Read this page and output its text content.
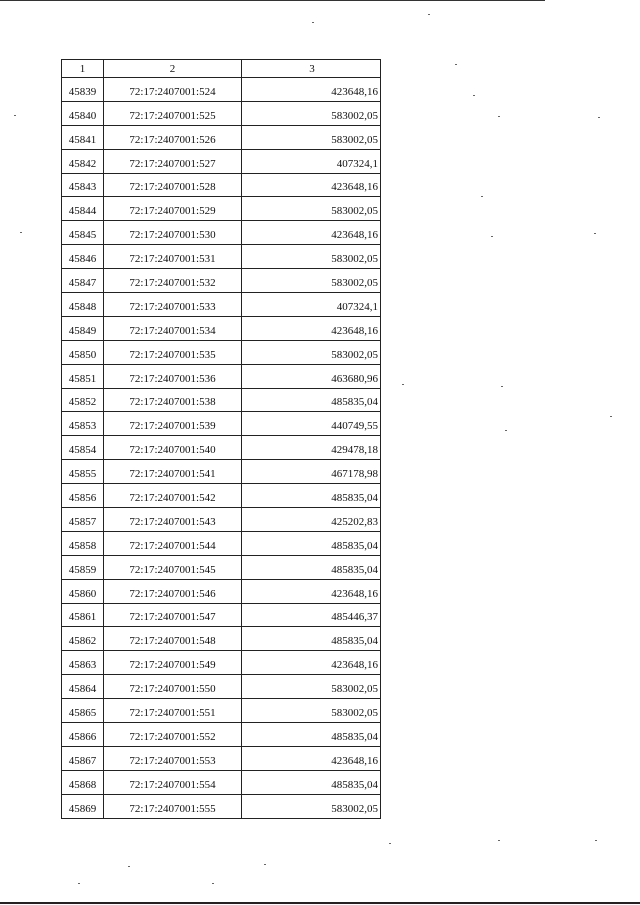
1	2	3
45839	72:17:2407001:524	423648,16
45840	72:17:2407001:525	583002,05
45841	72:17:2407001:526	583002,05
45842	72:17:2407001:527	407324,1
45843	72:17:2407001:528	423648,16
45844	72:17:2407001:529	583002,05
45845	72:17:2407001:530	423648,16
45846	72:17:2407001:531	583002,05
45847	72:17:2407001:532	583002,05
45848	72:17:2407001:533	407324,1
45849	72:17:2407001:534	423648,16
45850	72:17:2407001:535	583002,05
45851	72:17:2407001:536	463680,96
45852	72:17:2407001:538	485835,04
45853	72:17:2407001:539	440749,55
45854	72:17:2407001:540	429478,18
45855	72:17:2407001:541	467178,98
45856	72:17:2407001:542	485835,04
45857	72:17:2407001:543	425202,83
45858	72:17:2407001:544	485835,04
45859	72:17:2407001:545	485835,04
45860	72:17:2407001:546	423648,16
45861	72:17:2407001:547	485446,37
45862	72:17:2407001:548	485835,04
45863	72:17:2407001:549	423648,16
45864	72:17:2407001:550	583002,05
45865	72:17:2407001:551	583002,05
45866	72:17:2407001:552	485835,04
45867	72:17:2407001:553	423648,16
45868	72:17:2407001:554	485835,04
45869	72:17:2407001:555	583002,05
